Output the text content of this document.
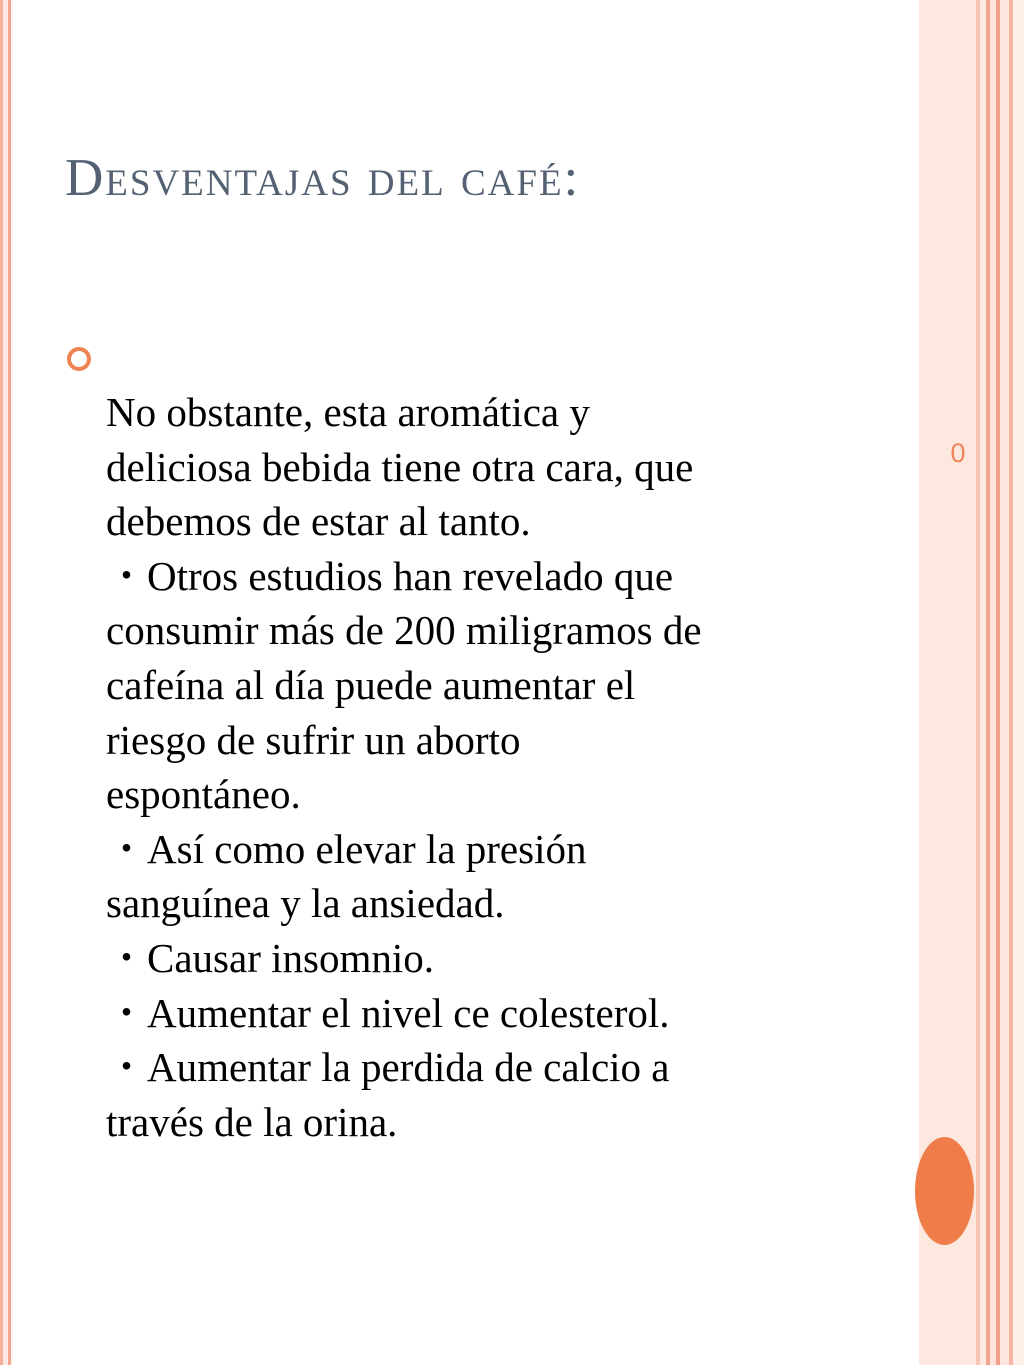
0
Desventajas del café:
No obstante, esta aromática y
deliciosa bebida tiene otra cara, que
debemos de estar al tanto.
・Otros estudios han revelado que
consumir más de 200 miligramos de
cafeína al día puede aumentar el
riesgo de sufrir un aborto
espontáneo.
・Así como elevar la presión
sanguínea y la ansiedad.
・Causar insomnio.
・Aumentar el nivel ce colesterol.
・Aumentar la perdida de calcio a
través de la orina.
